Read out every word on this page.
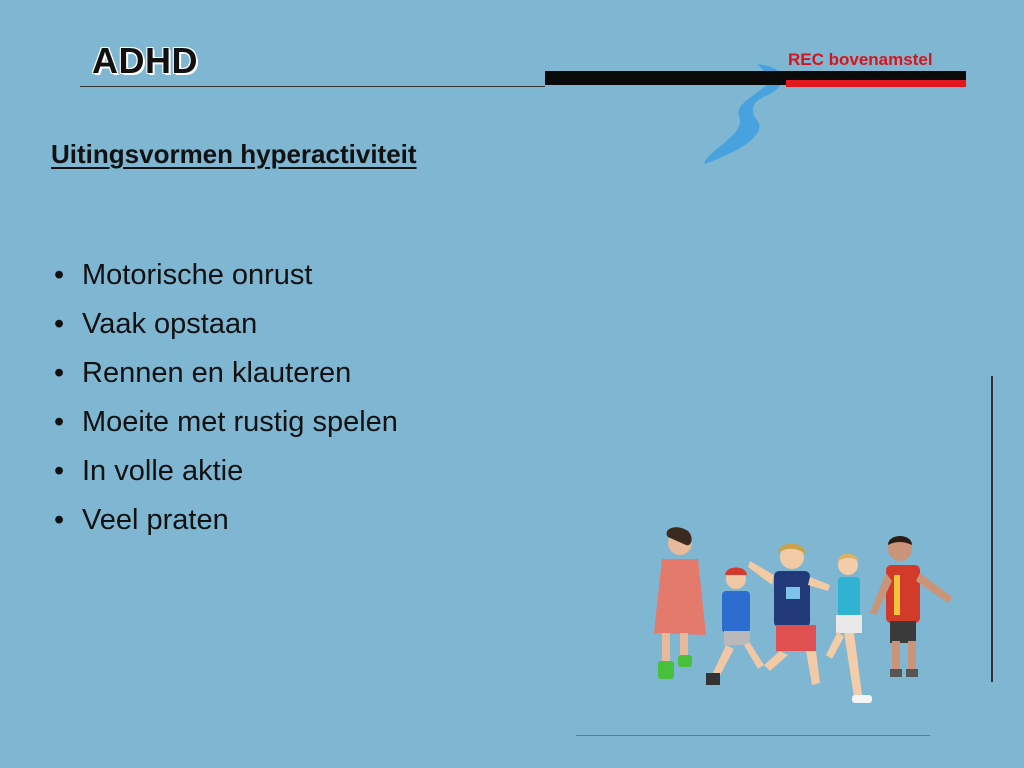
ADHD	REC bovenamstel
Uitingsvormen hyperactiviteit
• Motorische onrust
• Vaak opstaan
• Rennen en klauteren
• Moeite met rustig spelen
• In volle aktie
• Veel praten
